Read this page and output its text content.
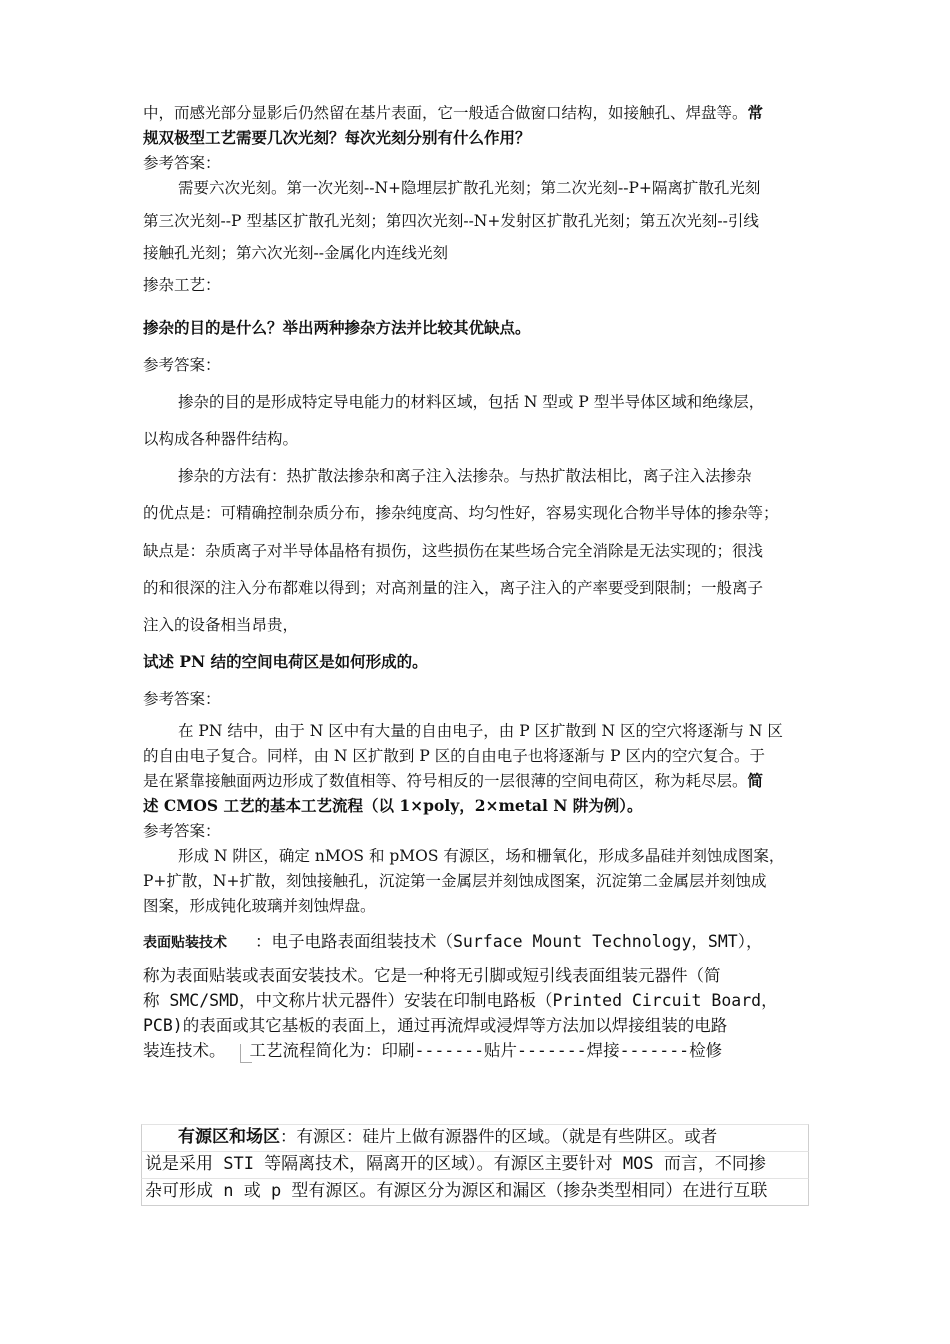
中，而感光部分显影后仍然留在基片表面，它一般适合做窗口结构，如接触孔、焊盘等。常
规双极型工艺需要几次光刻？每次光刻分别有什么作用？
参考答案：
需要六次光刻。第一次光刻--N+隐埋层扩散孔光刻；第二次光刻--P+隔离扩散孔光刻
第三次光刻--P 型基区扩散孔光刻；第四次光刻--N+发射区扩散孔光刻；第五次光刻--引线
接触孔光刻；第六次光刻--金属化内连线光刻
掺杂工艺：
掺杂的目的是什么？举出两种掺杂方法并比较其优缺点。
参考答案：
掺杂的目的是形成特定导电能力的材料区域，包括 N 型或 P 型半导体区域和绝缘层，
以构成各种器件结构。
掺杂的方法有：热扩散法掺杂和离子注入法掺杂。与热扩散法相比，离子注入法掺杂
的优点是：可精确控制杂质分布，掺杂纯度高、均匀性好，容易实现化合物半导体的掺杂等；
缺点是：杂质离子对半导体晶格有损伤，这些损伤在某些场合完全消除是无法实现的；很浅
的和很深的注入分布都难以得到；对高剂量的注入，离子注入的产率要受到限制；一般离子
注入的设备相当昂贵，
试述 PN 结的空间电荷区是如何形成的。
参考答案：
在 PN 结中，由于 N 区中有大量的自由电子，由 P 区扩散到 N 区的空穴将逐渐与 N 区
的自由电子复合。同样，由 N 区扩散到 P 区的自由电子也将逐渐与 P 区内的空穴复合。于
是在紧靠接触面两边形成了数值相等、符号相反的一层很薄的空间电荷区，称为耗尽层。简
述 CMOS 工艺的基本工艺流程（以 1×poly，2×metal N 阱为例）。
参考答案：
形成 N 阱区，确定 nMOS 和 pMOS 有源区，场和栅氧化，形成多晶硅并刻蚀成图案，
P+扩散，N+扩散，刻蚀接触孔，沉淀第一金属层并刻蚀成图案，沉淀第二金属层并刻蚀成
图案，形成钝化玻璃并刻蚀焊盘。
表面贴装技术 ：电子电路表面组装技术（Surface Mount Technology，SMT），
称为表面贴装或表面安装技术。它是一种将无引脚或短引线表面组装元器件（简
称 SMC/SMD，中文称片状元器件）安装在印制电路板（Printed Circuit Board，
PCB)的表面或其它基板的表面上，通过再流焊或浸焊等方法加以焊接组装的电路
装连技术。 工艺流程简化为：印刷-------贴片-------焊接-------检修
有源区和场区：有源区：硅片上做有源器件的区域。（就是有些阱区。或者
说是采用 STI 等隔离技术，隔离开的区域）。有源区主要针对 MOS 而言，不同掺
杂可形成 n 或 p 型有源区。有源区分为源区和漏区（掺杂类型相同）在进行互联
